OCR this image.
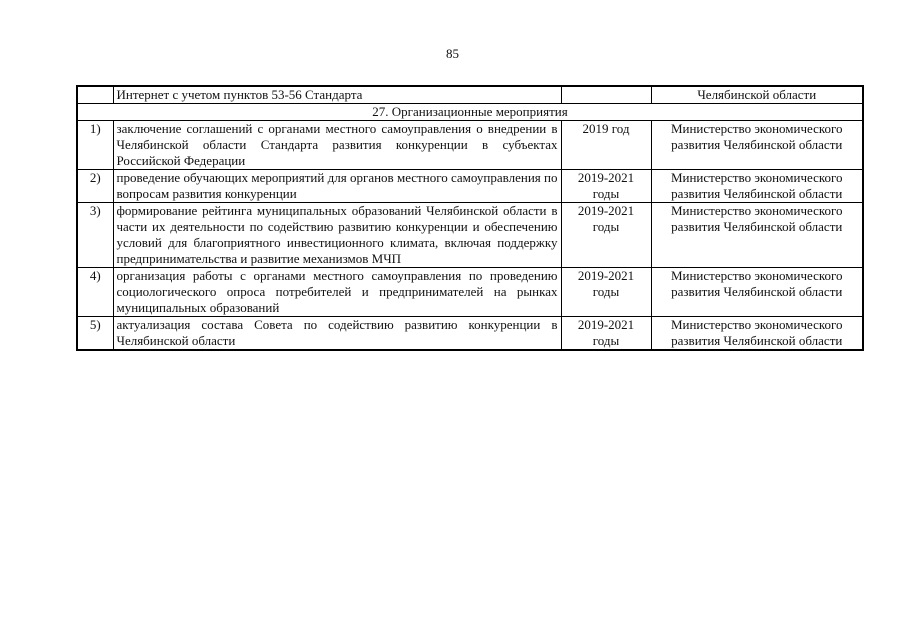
85
	Интернет с учетом пунктов 53-56 Стандарта		Челябинской области
27. Организационные мероприятия			
1)	заключение соглашений с органами местного самоуправления о внедрении в Челябинской области Стандарта развития конкуренции в субъектах Российской Федерации	2019 год	Министерство экономического развития Челябинской области
2)	проведение обучающих мероприятий для органов местного самоуправления по вопросам развития конкуренции	2019-2021 годы	Министерство экономического развития Челябинской области
3)	формирование рейтинга муниципальных образований Челябинской области в части их деятельности по содействию развитию конкуренции и обеспечению условий для благоприятного инвестиционного климата, включая поддержку предпринимательства и развитие механизмов МЧП	2019-2021 годы	Министерство экономического развития Челябинской области
4)	организация работы с органами местного самоуправления по проведению социологического опроса потребителей и предпринимателей на рынках муниципальных образований	2019-2021 годы	Министерство экономического развития Челябинской области
5)	актуализация состава Совета по содействию развитию конкуренции в Челябинской области	2019-2021 годы	Министерство экономического развития Челябинской области
